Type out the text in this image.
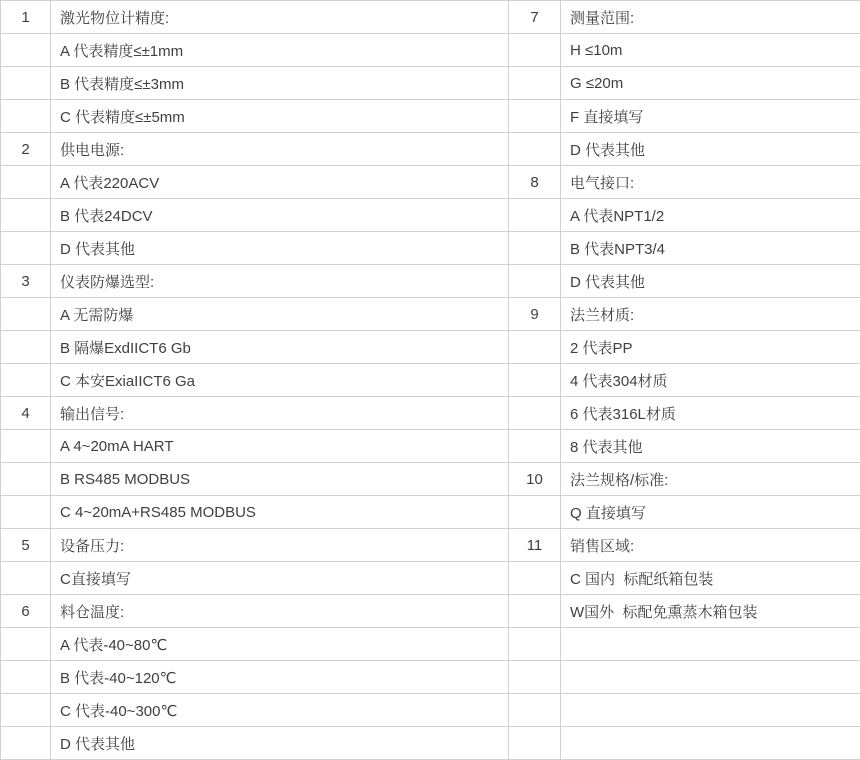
1	激光物位计精度:	7	测量范围:
	A 代表精度≤±1mm		H ≤10m
	B 代表精度≤±3mm		G ≤20m
	C 代表精度≤±5mm		F 直接填写
2	供电电源:		D 代表其他
	A 代表220ACV	8	电气接口:
	B 代表24DCV		A 代表NPT1/2
	D 代表其他		B 代表NPT3/4
3	仪表防爆选型:		D 代表其他
	A 无需防爆	9	法兰材质:
	B 隔爆ExdIICT6 Gb		2 代表PP
	C 本安ExiaIICT6 Ga		4 代表304材质
4	输出信号:		6 代表316L材质
	A 4~20mA HART		8 代表其他
	B RS485 MODBUS	10	法兰规格/标准:
	C 4~20mA+RS485 MODBUS		Q 直接填写
5	设备压力:	11	销售区域:
	C直接填写		C 国内  标配纸箱包装
6	料仓温度:		W国外  标配免熏蒸木箱包装
	A 代表-40~80℃		
	B 代表-40~120℃		
	C 代表-40~300℃		
	D 代表其他		
